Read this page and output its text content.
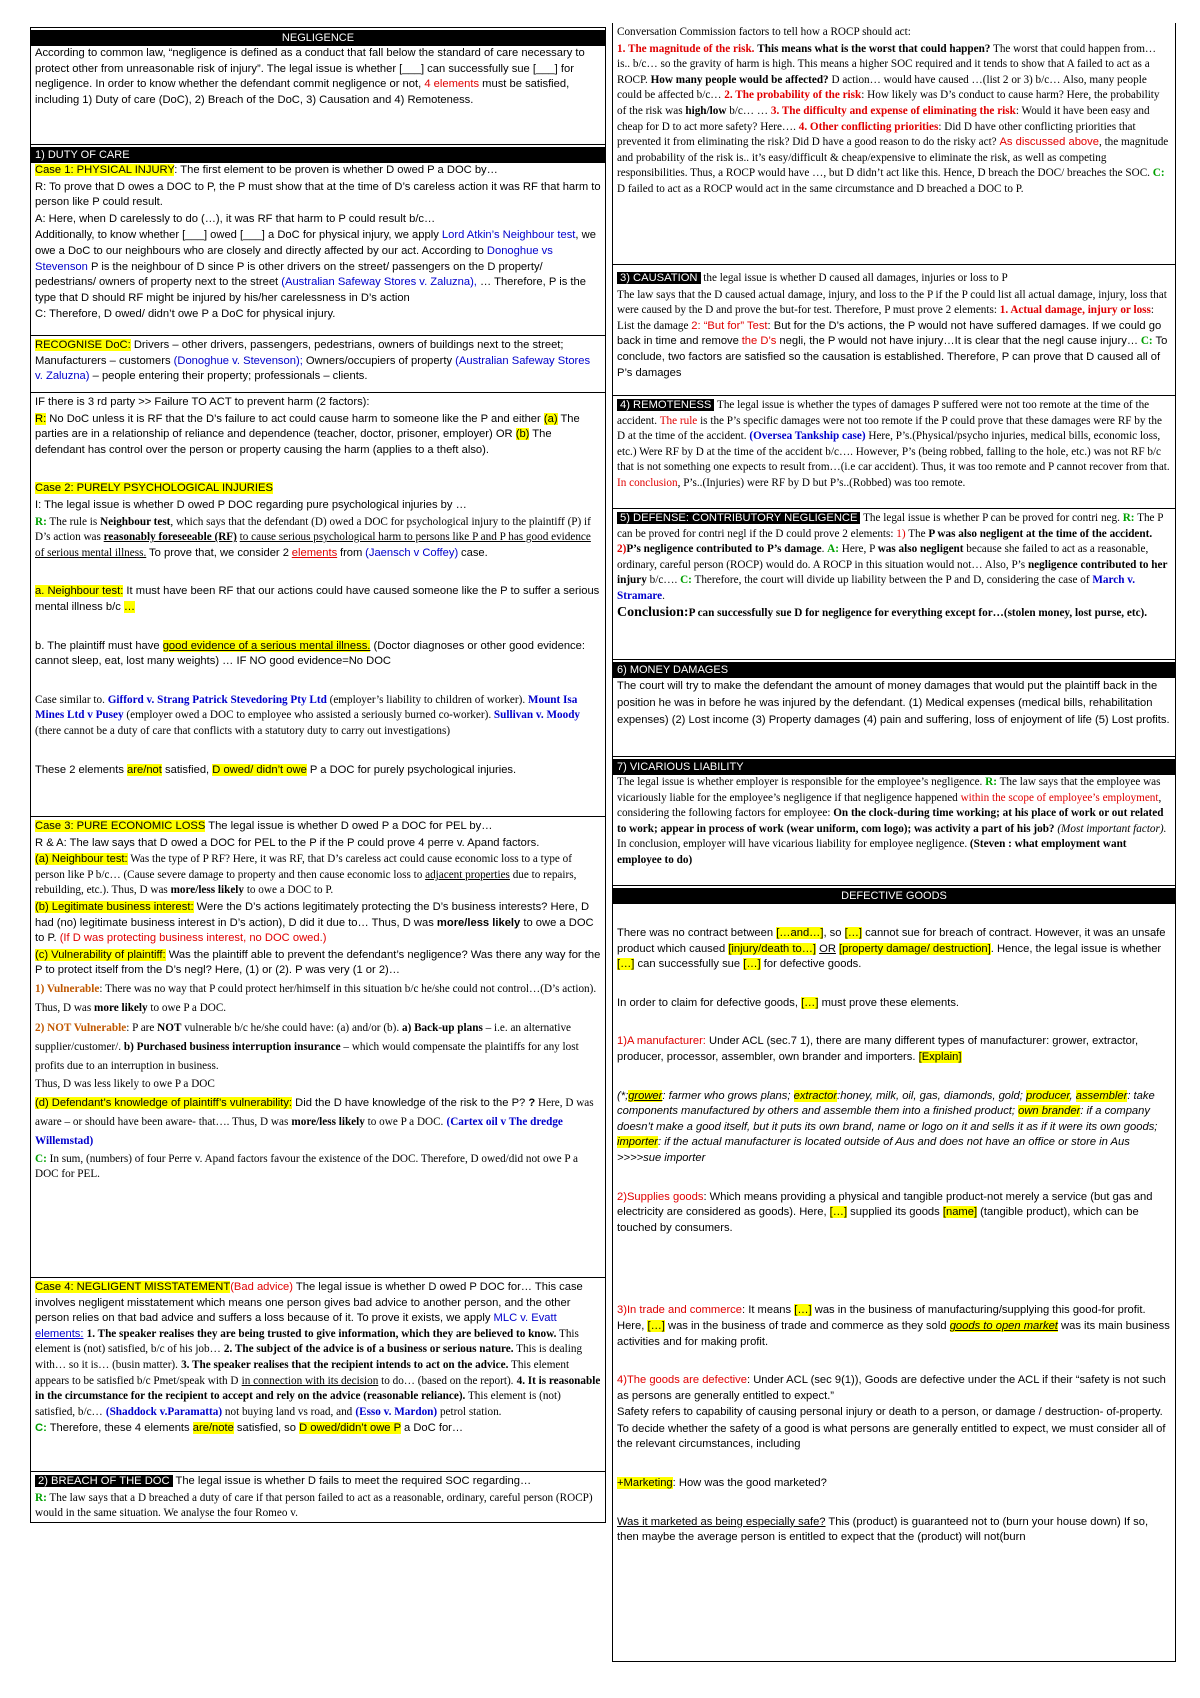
NEGLIGENCE
According to common law, “negligence is defined as a conduct that fall below the standard of care necessary to protect other from unreasonable risk of injury”. The legal issue is whether [___] can successfully sue [___] for negligence. In order to know whether the defendant commit negligence or not, 4 elements must be satisfied, including 1) Duty of care (DoC), 2) Breach of the DoC, 3) Causation and 4) Remoteness.
1) DUTY OF CARE
Case 1: PHYSICAL INJURY: The first element to be proven is whether D owed P a DOC by…
R: To prove that D owes a DOC to P, the P must show that at the time of D’s careless action it was RF that harm to person like P could result.
A: Here, when D carelessly to do (…), it was RF that harm to P could result b/c…
Additionally, to know whether [___] owed [___] a DoC for physical injury, we apply Lord Atkin’s Neighbour test, we owe a DoC to our neighbours who are closely and directly affected by our act. According to Donoghue vs Stevenson P is the neighbour of D since P is other drivers on the street/ passengers on the D property/ pedestrians/ owners of property next to the street (Australian Safeway Stores v. Zaluzna), … Therefore, P is the type that D should RF might be injured by his/her carelessness in D’s action
C: Therefore, D owed/ didn’t owe P a DoC for physical injury.
RECOGNISE DoC: Drivers – other drivers, passengers, pedestrians, owners of buildings next to the street; Manufacturers – customers (Donoghue v. Stevenson); Owners/occupiers of property (Australian Safeway Stores v. Zaluzna) – people entering their property; professionals – clients.
IF there is 3 rd party >> Failure TO ACT to prevent harm (2 factors):
R: No DoC unless it is RF that the D’s failure to act could cause harm to someone like the P and either (a) The parties are in a relationship of reliance and dependence (teacher, doctor, prisoner, employer) OR (b) The defendant has control over the person or property causing the harm (applies to a theft also).
Case 2: PURELY PSYCHOLOGICAL INJURIES
I: The legal issue is whether D owed P DOC regarding pure psychological injuries by …
R: The rule is Neighbour test, which says that the defendant (D) owed a DOC for psychological injury to the plaintiff (P) if D’s action was reasonably foreseeable (RF) to cause serious psychological harm to persons like P and P has good evidence of serious mental illness. To prove that, we consider 2 elements from (Jaensch v Coffey) case.
a. Neighbour test: It must have been RF that our actions could have caused someone like the P to suffer a serious mental illness b/c …
b. The plaintiff must have good evidence of a serious mental illness. (Doctor diagnoses or other good evidence: cannot sleep, eat, lost many weights) … IF NO good evidence=No DOC
Case similar to. Gifford v. Strang Patrick Stevedoring Pty Ltd (employer’s liability to children of worker). Mount Isa Mines Ltd v Pusey (employer owed a DOC to employee who assisted a seriously burned co-worker). Sullivan v. Moody (there cannot be a duty of care that conflicts with a statutory duty to carry out investigations)
These 2 elements are/not satisfied, D owed/ didn’t owe P a DOC for purely psychological injuries.
Case 3: PURE ECONOMIC LOSS The legal issue is whether D owed P a DOC for PEL by…
R & A: The law says that D owed a DOC for PEL to the P if the P could prove 4 perre v. Apand factors.
(a) Neighbour test: Was the type of P RF? Here, it was RF, that D’s careless act could cause economic loss to a type of person like P b/c… (Cause severe damage to property and then cause economic loss to adjacent properties due to repairs, rebuilding, etc.). Thus, D was more/less likely to owe a DOC to P.
(b) Legitimate business interest: Were the D’s actions legitimately protecting the D’s business interests? Here, D had (no) legitimate business interest in D’s action), D did it due to… Thus, D was more/less likely to owe a DOC to P. (If D was protecting business interest, no DOC owed.)
(c) Vulnerability of plaintiff: Was the plaintiff able to prevent the defendant’s negligence? Was there any way for the P to protect itself from the D’s negl? Here, (1) or (2). P was very (1 or 2)…
1) Vulnerable: There was no way that P could protect her/himself in this situation b/c he/she could not control…(D’s action). Thus, D was more likely to owe P a DOC.
2) NOT Vulnerable: P are NOT vulnerable b/c he/she could have: (a) and/or (b). a) Back-up plans – i.e. an alternative supplier/customer/. b) Purchased business interruption insurance – which would compensate the plaintiffs for any lost profits due to an interruption in business.
Thus, D was less likely to owe P a DOC
(d) Defendant’s knowledge of plaintiff’s vulnerability: Did the D have knowledge of the risk to the P? ? Here, D was aware – or should have been aware- that…. Thus, D was more/less likely to owe P a DOC. (Cartex oil v The dredge Willemstad)
C: In sum, (numbers) of four Perre v. Apand factors favour the existence of the DOC. Therefore, D owed/did not owe P a DOC for PEL.
Case 4: NEGLIGENT MISSTATEMENT(Bad advice) The legal issue is whether D owed P DOC for… This case involves negligent misstatement which means one person gives bad advice to another person, and the other person relies on that bad advice and suffers a loss because of it. To prove it exists, we apply MLC v. Evatt elements: 1. The speaker realises they are being trusted to give information, which they are believed to know. This element is (not) satisfied, b/c of his job… 2. The subject of the advice is of a business or serious nature. This is dealing with… so it is… (busin matter). 3. The speaker realises that the recipient intends to act on the advice. This element appears to be satisfied b/c Pmet/speak with D in connection with its decision to do… (based on the report). 4. It is reasonable in the circumstance for the recipient to accept and rely on the advice (reasonable reliance). This element is (not) satisfied, b/c… (Shaddock v.Paramatta) not buying land vs road, and (Esso v. Mardon) petrol station.
C: Therefore, these 4 elements are/note satisfied, so D owed/didn’t owe P a DoC for…
2) BREACH OF THE DOC The legal issue is whether D fails to meet the required SOC regarding…
R: The law says that a D breached a duty of care if that person failed to act as a reasonable, ordinary, careful person (ROCP) would in the same situation. We analyse the four Romeo v.
Conversation Commission factors to tell how a ROCP should act:
1. The magnitude of the risk. This means what is the worst that could happen? The worst that could happen from… is.. b/c… so the gravity of harm is high. This means a higher SOC required and it tends to show that A failed to act as a ROCP. How many people would be affected? D action… would have caused …(list 2 or 3) b/c… Also, many people could be affected b/c… 2. The probability of the risk: How likely was D’s conduct to cause harm? Here, the probability of the risk was high/low b/c… … 3. The difficulty and expense of eliminating the risk: Would it have been easy and cheap for D to act more safety? Here…. 4. Other conflicting priorities: Did D have other conflicting priorities that prevented it from eliminating the risk? Did D have a good reason to do the risky act? As discussed above, the magnitude and probability of the risk is.. it’s easy/difficult & cheap/expensive to eliminate the risk, as well as competing responsibilities. Thus, a ROCP would have …, but D didn’t act like this. Hence, D breach the DOC/ breaches the SOC. C: D failed to act as a ROCP would act in the same circumstance and D breached a DOC to P.
3) CAUSATION the legal issue is whether D caused all damages, injuries or loss to P
The law says that the D caused actual damage, injury, and loss to the P if the P could list all actual damage, injury, loss that were caused by the D and prove the but-for test. Therefore, P must prove 2 elements: 1. Actual damage, injury or loss: List the damage 2: “But for” Test: But for the D’s actions, the P would not have suffered damages. If we could go back in time and remove the D’s negli, the P would not have injury…It is clear that the negl cause injury… C: To conclude, two factors are satisfied so the causation is established. Therefore, P can prove that D caused all of P’s damages
4) REMOTENESS The legal issue is whether the types of damages P suffered were not too remote at the time of the accident. The rule is the P’s specific damages were not too remote if the P could prove that these damages were RF by the D at the time of the accident. (Oversea Tankship case) Here, P’s.(Physical/psycho injuries, medical bills, economic loss, etc.) Were RF by D at the time of the accident b/c…. However, P’s (being robbed, falling to the hole, etc.) was not RF b/c that is not something one expects to result from…(i.e car accident). Thus, it was too remote and P cannot recover from that. In conclusion, P’s..(Injuries) were RF by D but P’s..(Robbed) was too remote.
5) DEFENSE: CONTRIBUTORY NEGLIGENCE The legal issue is whether P can be proved for contri neg. R: The P can be proved for contri negl if the D could prove 2 elements: 1) The P was also negligent at the time of the accident. 2)P’s negligence contributed to P’s damage. A: Here, P was also negligent because she failed to act as a reasonable, ordinary, careful person (ROCP) would do. A ROCP in this situation would not… Also, P’s negligence contributed to her injury b/c…. C: Therefore, the court will divide up liability between the P and D, considering the case of March v. Stramare.
Conclusion:P can successfully sue D for negligence for everything except for…(stolen money, lost purse, etc).
6) MONEY DAMAGES
The court will try to make the defendant the amount of money damages that would put the plaintiff back in the position he was in before he was injured by the defendant. (1) Medical expenses (medical bills, rehabilitation expenses) (2) Lost income (3) Property damages (4) pain and suffering, loss of enjoyment of life (5) Lost profits.
7) VICARIOUS LIABILITY
The legal issue is whether employer is responsible for the employee’s negligence. R: The law says that the employee was vicariously liable for the employee’s negligence if that negligence happened within the scope of employee’s employment, considering the following factors for employee: On the clock-during time working; at his place of work or out related to work; appear in process of work (wear uniform, com logo); was activity a part of his job? (Most important factor). In conclusion, employer will have vicarious liability for employee negligence. (Steven : what employment want employee to do)
DEFECTIVE GOODS
There was no contract between […and…], so […] cannot sue for breach of contract. However, it was an unsafe product which caused [injury/death to…] OR [property damage/ destruction]. Hence, the legal issue is whether […] can successfully sue […] for defective goods.
In order to claim for defective goods, […] must prove these elements.
1)A manufacturer: Under ACL (sec.7 1), there are many different types of manufacturer: grower, extractor, producer, processor, assembler, own brander and importers. [Explain]
(*;grower: farmer who grows plans; extractor:honey, milk, oil, gas, diamonds, gold; producer, assembler: take components manufactured by others and assemble them into a finished product; own brander: if a company doesn’t make a good itself, but it puts its own brand, name or logo on it and sells it as if it were its own goods; importer: if the actual manufacturer is located outside of Aus and does not have an office or store in Aus >>>>sue importer
2)Supplies goods: Which means providing a physical and tangible product-not merely a service (but gas and electricity are considered as goods). Here, […] supplied its goods [name] (tangible product), which can be touched by consumers.
3)In trade and commerce: It means […] was in the business of manufacturing/supplying this good-for profit. Here, […] was in the business of trade and commerce as they sold goods to open market was its main business activities and for making profit.
4)The goods are defective: Under ACL (sec 9(1)), Goods are defective under the ACL if their “safety is not such as persons are generally entitled to expect.”
Safety refers to capability of causing personal injury or death to a person, or damage / destruction- of-property.
To decide whether the safety of a good is what persons are generally entitled to expect, we must consider all of the relevant circumstances, including
+Marketing: How was the good marketed?
Was it marketed as being especially safe? This (product) is guaranteed not to (burn your house down) If so, then maybe the average person is entitled to expect that the (product) will not(burn
